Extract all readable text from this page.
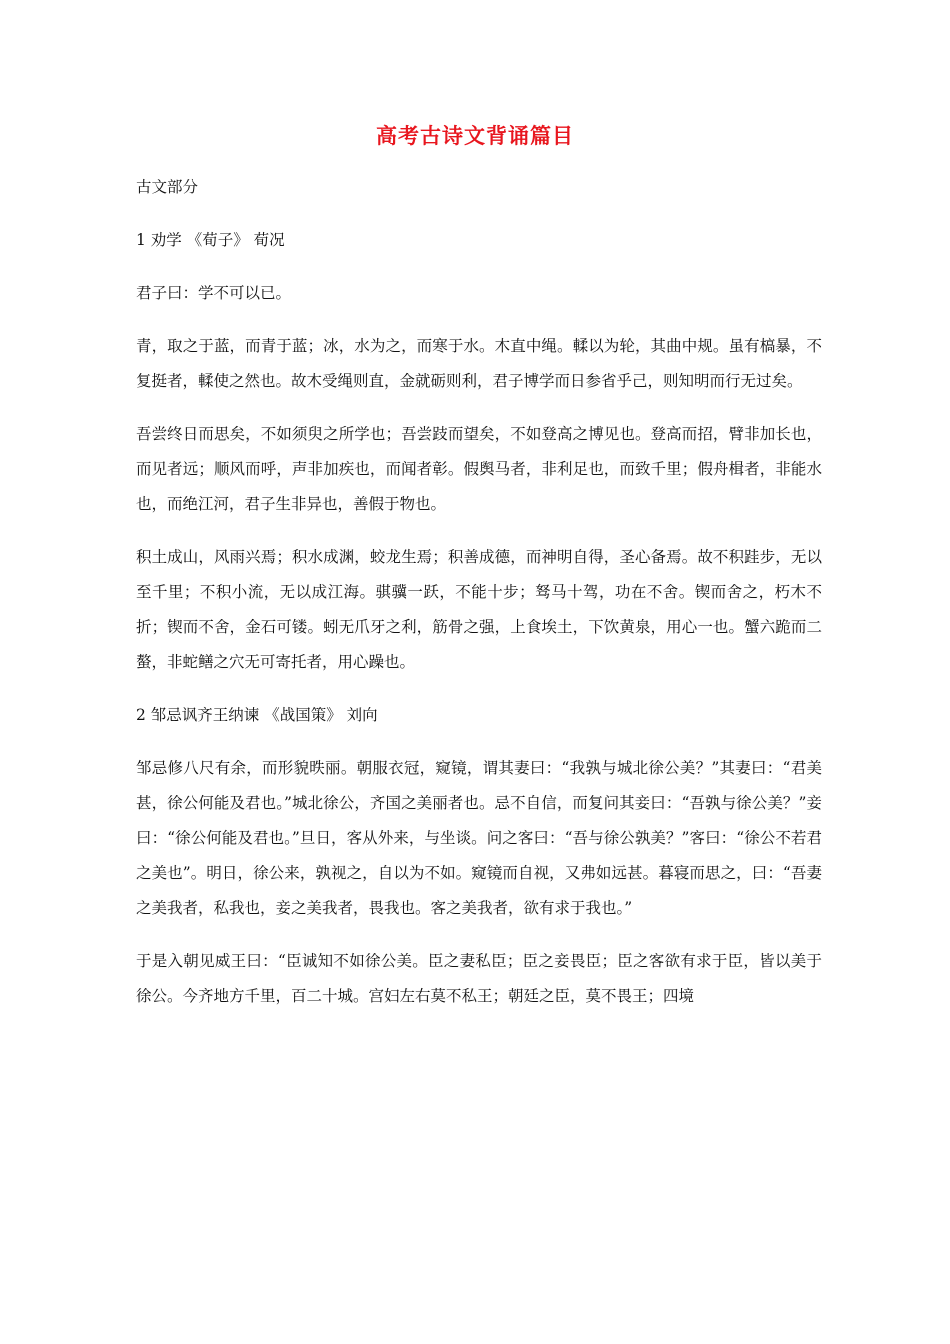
高考古诗文背诵篇目

古文部分

1 劝学 《荀子》 荀况

君子曰：学不可以已。

青，取之于蓝，而青于蓝；冰，水为之，而寒于水。木直中绳。輮以为轮，其曲中规。虽有槁暴，不复挺者，輮使之然也。故木受绳则直，金就砺则利，君子博学而日参省乎己，则知明而行无过矣。

吾尝终日而思矣，不如须臾之所学也；吾尝跂而望矣，不如登高之博见也。登高而招，臂非加长也，而见者远；顺风而呼，声非加疾也，而闻者彰。假舆马者，非利足也，而致千里；假舟楫者，非能水也，而绝江河，君子生非异也，善假于物也。

积土成山，风雨兴焉；积水成渊，蛟龙生焉；积善成德，而神明自得，圣心备焉。故不积跬步，无以至千里；不积小流，无以成江海。骐骥一跃，不能十步；驽马十驾，功在不舍。锲而舍之，朽木不折；锲而不舍，金石可镂。蚓无爪牙之利，筋骨之强，上食埃土，下饮黄泉，用心一也。蟹六跪而二螯，非蛇鳝之穴无可寄托者，用心躁也。

2 邹忌讽齐王纳谏 《战国策》 刘向

邹忌修八尺有余，而形貌昳丽。朝服衣冠，窥镜，谓其妻曰：“我孰与城北徐公美？”其妻曰：“君美甚，徐公何能及君也。”城北徐公，齐国之美丽者也。忌不自信，而复问其妾曰：“吾孰与徐公美？”妾曰：“徐公何能及君也。”旦日，客从外来，与坐谈。问之客曰：“吾与徐公孰美？”客曰：“徐公不若君之美也”。明日，徐公来，孰视之，自以为不如。窥镜而自视，又弗如远甚。暮寝而思之，曰：“吾妻之美我者，私我也，妾之美我者，畏我也。客之美我者，欲有求于我也。”

于是入朝见威王曰：“臣诚知不如徐公美。臣之妻私臣；臣之妾畏臣；臣之客欲有求于臣，皆以美于徐公。今齐地方千里，百二十城。宫妇左右莫不私王；朝廷之臣，莫不畏王；四境
